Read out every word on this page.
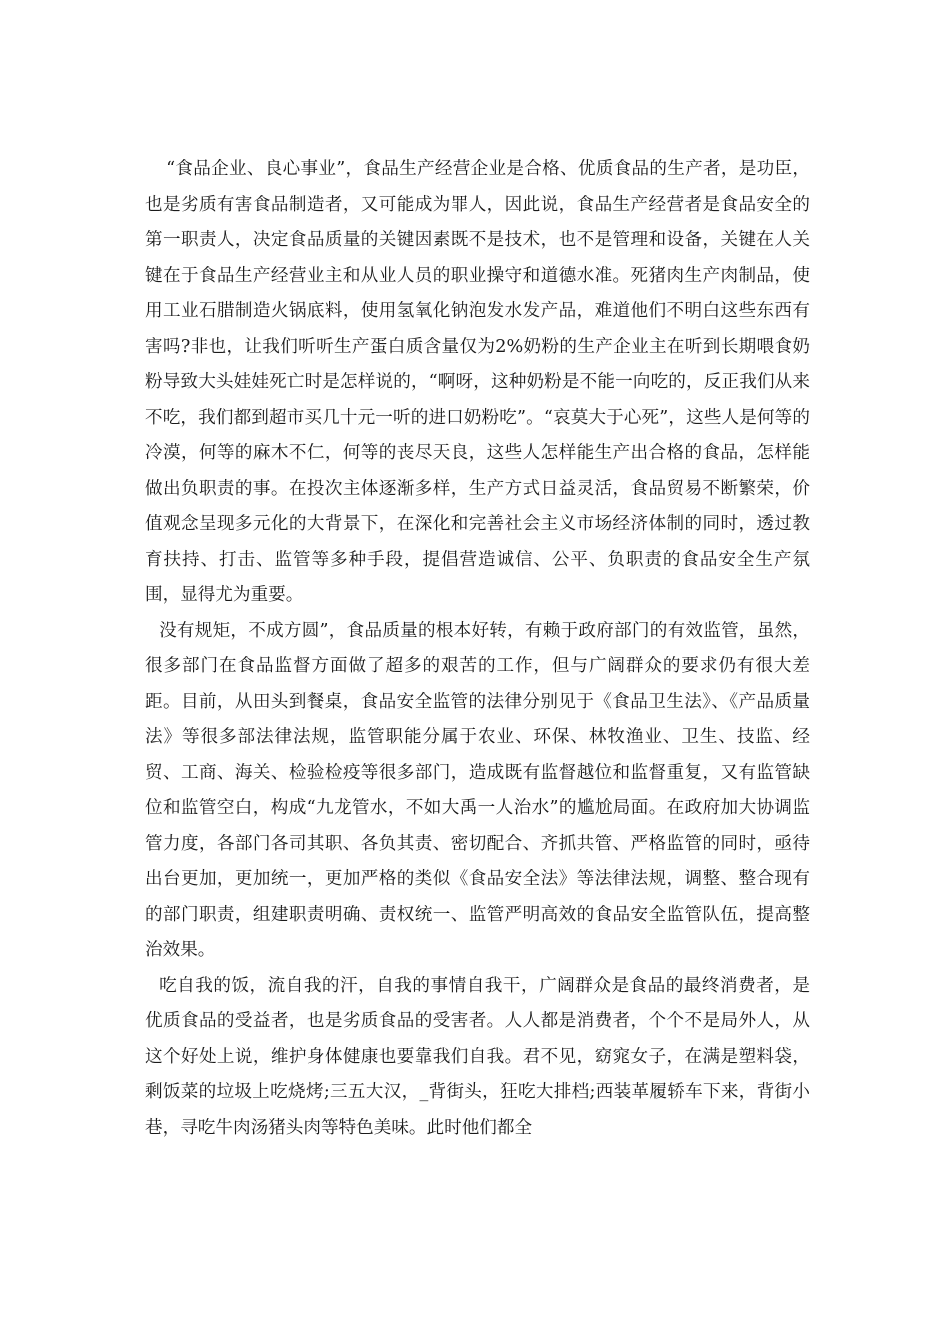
“食品企业、良心事业”，食品生产经营企业是合格、优质食品的生产者，是功臣，也是劣质有害食品制造者，又可能成为罪人，因此说，食品生产经营者是食品安全的第一职责人，决定食品质量的关键因素既不是技术，也不是管理和设备，关键在人关键在于食品生产经营业主和从业人员的职业操守和道德水准。死猪肉生产肉制品，使用工业石腊制造火锅底料，使用氢氧化钠泡发水发产品，难道他们不明白这些东西有害吗?非也，让我们听听生产蛋白质含量仅为2%奶粉的生产企业主在听到长期喂食奶粉导致大头娃娃死亡时是怎样说的，“啊呀，这种奶粉是不能一向吃的，反正我们从来不吃，我们都到超市买几十元一听的进口奶粉吃”。“哀莫大于心死”，这些人是何等的冷漠，何等的麻木不仁，何等的丧尽天良，这些人怎样能生产出合格的食品，怎样能做出负职责的事。在投次主体逐渐多样，生产方式日益灵活，食品贸易不断繁荣，价值观念呈现多元化的大背景下，在深化和完善社会主义市场经济体制的同时，透过教育扶持、打击、监管等多种手段，提倡营造诚信、公平、负职责的食品安全生产氛围，显得尤为重要。

没有规矩，不成方圆”，食品质量的根本好转，有赖于政府部门的有效监管，虽然，很多部门在食品监督方面做了超多的艰苦的工作，但与广阔群众的要求仍有很大差距。目前，从田头到餐桌，食品安全监管的法律分别见于《食品卫生法》、《产品质量法》等很多部法律法规，监管职能分属于农业、环保、林牧渔业、卫生、技监、经贸、工商、海关、检验检疫等很多部门，造成既有监督越位和监督重复，又有监管缺位和监管空白，构成“九龙管水，不如大禹一人治水”的尴尬局面。在政府加大协调监管力度，各部门各司其职、各负其责、密切配合、齐抓共管、严格监管的同时，亟待出台更加，更加统一，更加严格的类似《食品安全法》等法律法规，调整、整合现有的部门职责，组建职责明确、责权统一、监管严明高效的食品安全监管队伍，提高整治效果。

吃自我的饭，流自我的汗，自我的事情自我干，广阔群众是食品的最终消费者，是优质食品的受益者，也是劣质食品的受害者。人人都是消费者，个个不是局外人，从这个好处上说，维护身体健康也要靠我们自我。君不见，窈窕女子，在满是塑料袋，剩饭菜的垃圾上吃烧烤;三五大汉，_背街头，狂吃大排档;西装革履轿车下来，背街小巷，寻吃牛肉汤猪头肉等特色美味。此时他们都全
